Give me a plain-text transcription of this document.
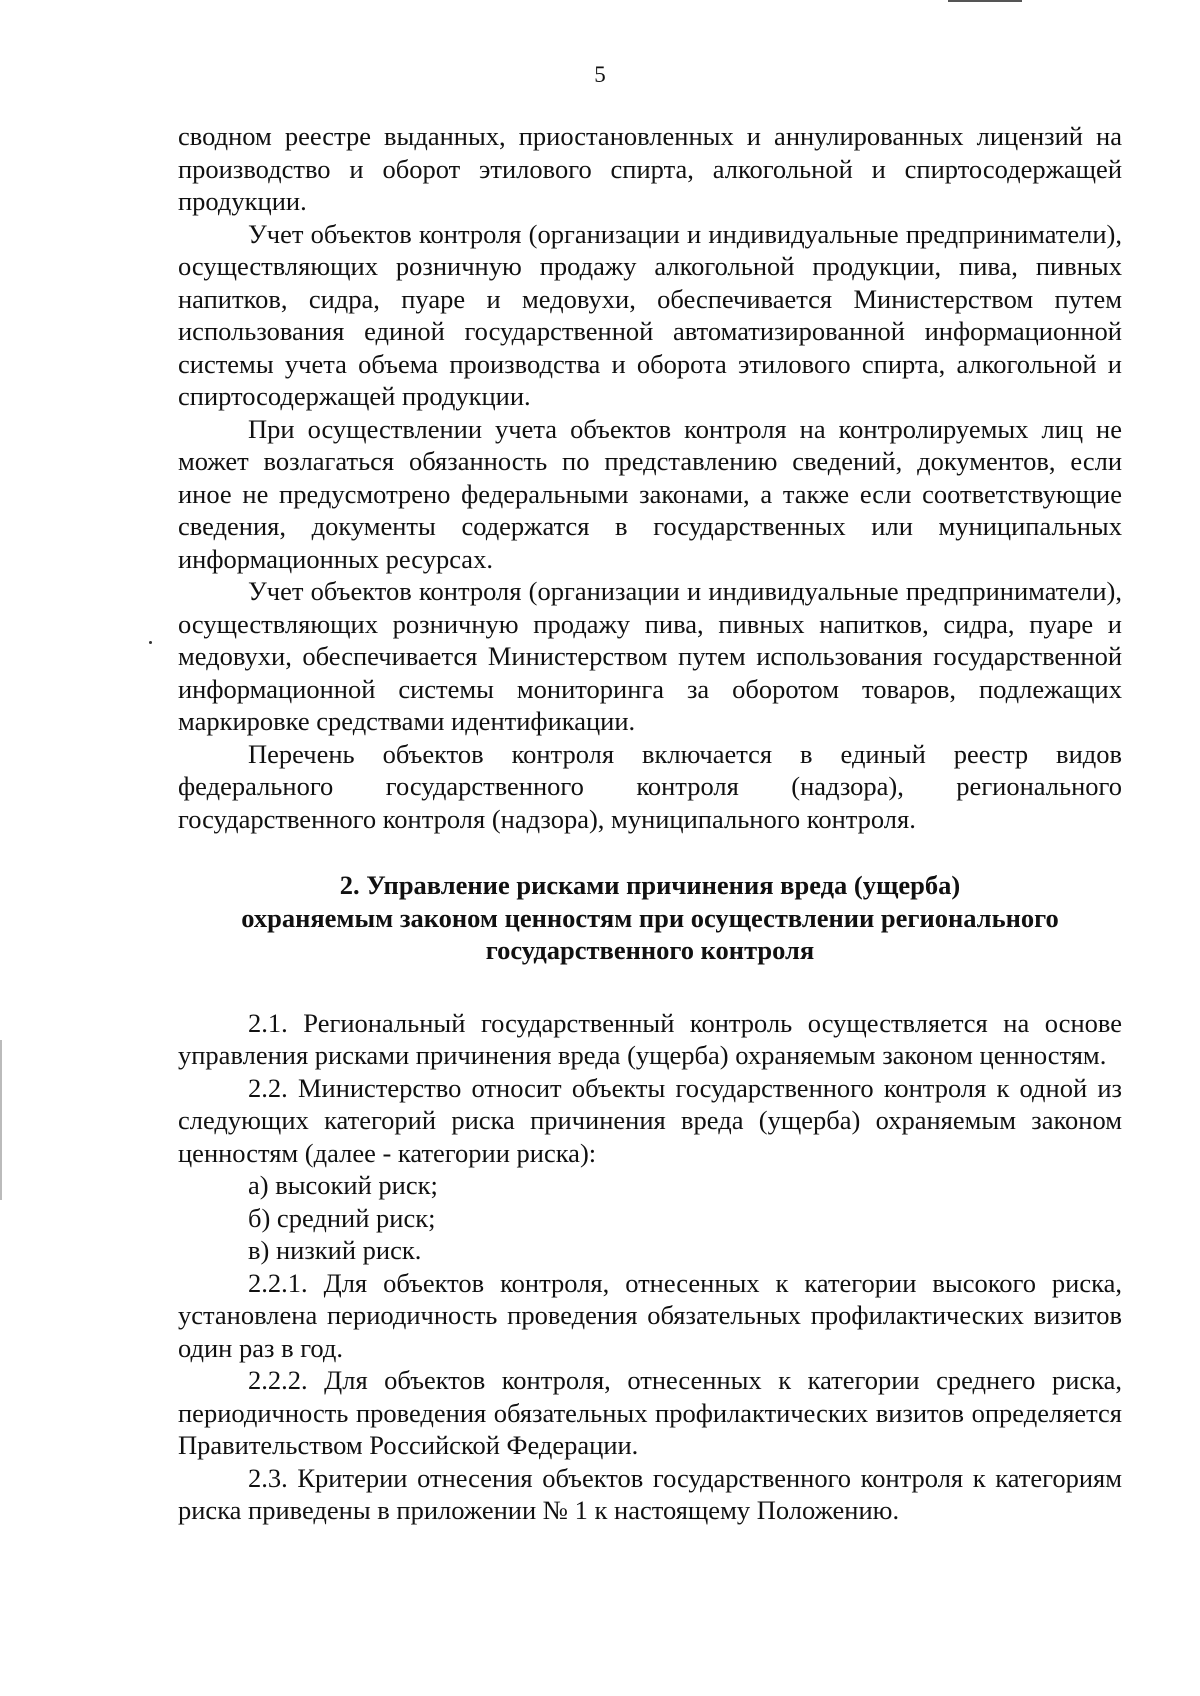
5

сводном реестре выданных, приостановленных и аннулированных лицензий на производство и оборот этилового спирта, алкогольной и спиртосодержащей продукции.

Учет объектов контроля (организации и индивидуальные предприниматели), осуществляющих розничную продажу алкогольной продукции, пива, пивных напитков, сидра, пуаре и медовухи, обеспечивается Министерством путем использования единой государственной автоматизированной информационной системы учета объема производства и оборота этилового спирта, алкогольной и спиртосодержащей продукции.

При осуществлении учета объектов контроля на контролируемых лиц не может возлагаться обязанность по представлению сведений, документов, если иное не предусмотрено федеральными законами, а также если соответствующие сведения, документы содержатся в государственных или муниципальных информационных ресурсах.

Учет объектов контроля (организации и индивидуальные предприниматели), осуществляющих розничную продажу пива, пивных напитков, сидра, пуаре и медовухи, обеспечивается Министерством путем использования государственной информационной системы мониторинга за оборотом товаров, подлежащих маркировке средствами идентификации.

Перечень объектов контроля включается в единый реестр видов федерального государственного контроля (надзора), регионального государственного контроля (надзора), муниципального контроля.

2. Управление рисками причинения вреда (ущерба)
охраняемым законом ценностям при осуществлении регионального
государственного контроля

2.1. Региональный государственный контроль осуществляется на основе управления рисками причинения вреда (ущерба) охраняемым законом ценностям.

2.2. Министерство относит объекты государственного контроля к одной из следующих категорий риска причинения вреда (ущерба) охраняемым законом ценностям (далее - категории риска):

а) высокий риск;

б) средний риск;

в) низкий риск.

2.2.1. Для объектов контроля, отнесенных к категории высокого риска, установлена периодичность проведения обязательных профилактических визитов один раз в год.

2.2.2. Для объектов контроля, отнесенных к категории среднего риска, периодичность проведения обязательных профилактических визитов определяется Правительством Российской Федерации.

2.3. Критерии отнесения объектов государственного контроля к категориям риска приведены в приложении № 1 к настоящему Положению.
